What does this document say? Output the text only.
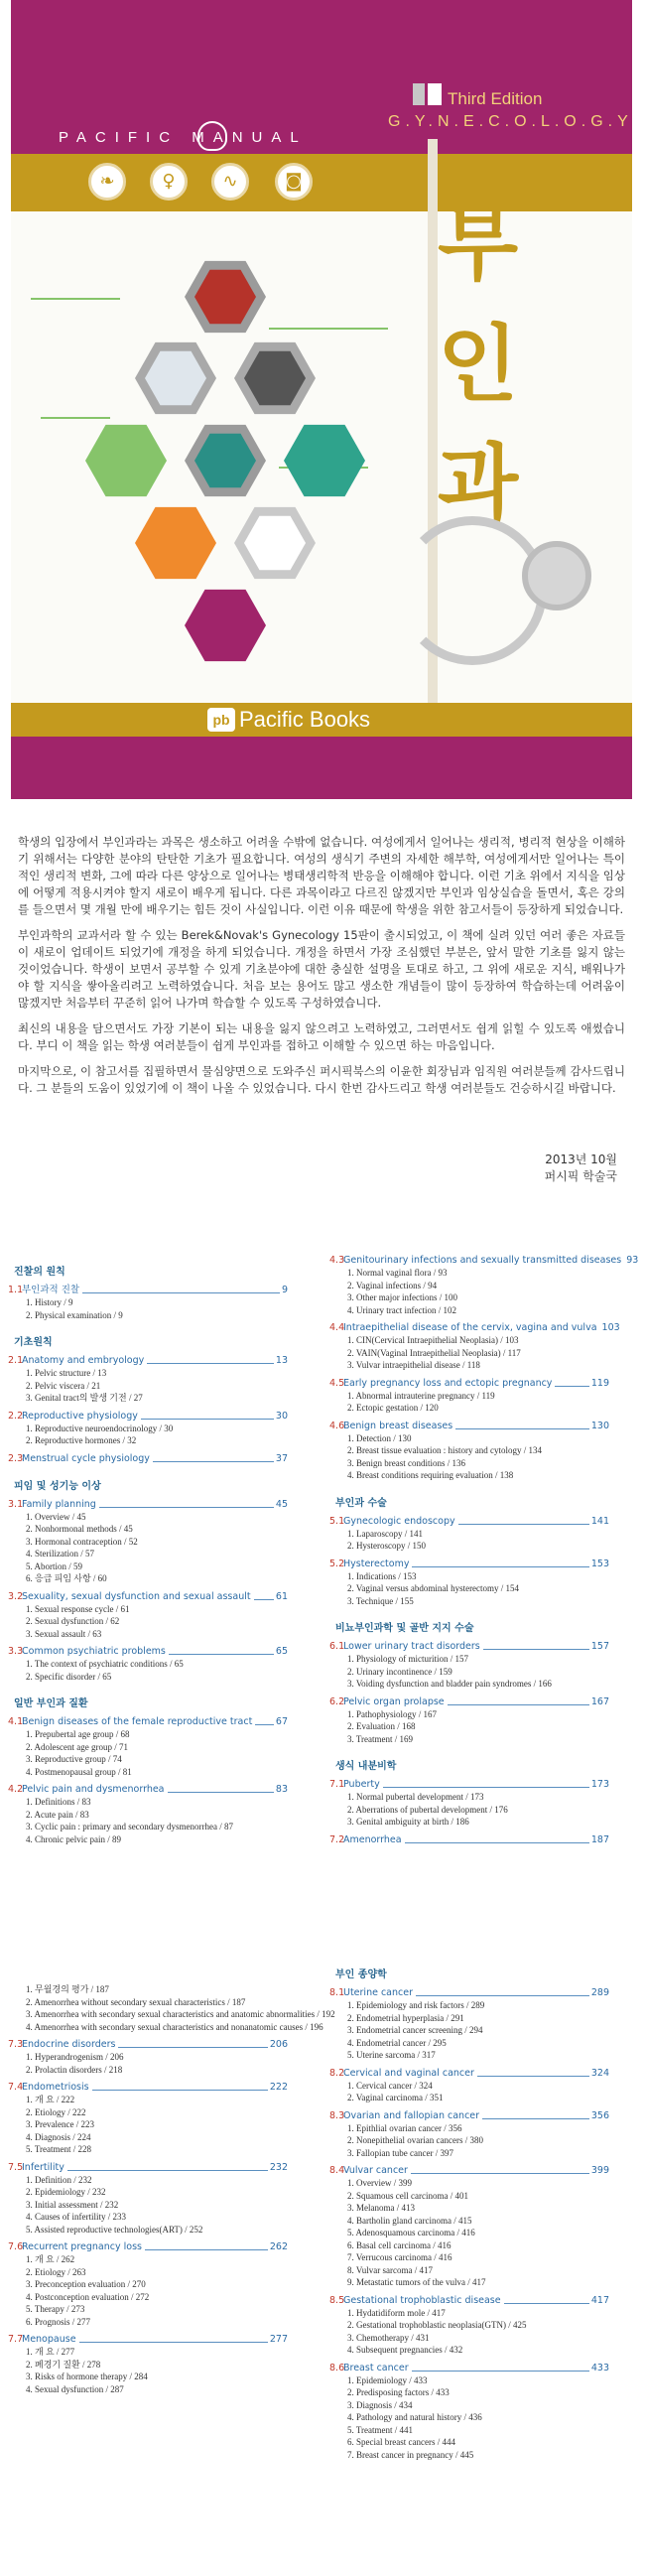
Third Edition
G.Y.N.E.C.O.L.O.G.Y
PACIFIC MANUAL
❧	♀	∿	◙
부
인
과
pb Pacific Books

학생의 입장에서 부인과라는 과목은 생소하고 어려울 수밖에 없습니다. 여성에게서 일어나는 생리적, 병리적 현상을 이해하기 위해서는 다양한 분야의 탄탄한 기초가 필요합니다. 여성의 생식기 주변의 자세한 해부학, 여성에게서만 일어나는 특이적인 생리적 변화, 그에 따라 다른 양상으로 일어나는 병태생리학적 반응을 이해해야 합니다. 이런 기초 위에서 지식을 임상에 어떻게 적용시켜야 할지 새로이 배우게 됩니다. 다른 과목이라고 다르진 않겠지만 부인과 임상실습을 돌면서, 혹은 강의를 들으면서 몇 개월 만에 배우기는 힘든 것이 사실입니다. 이런 이유 때문에 학생을 위한 참고서들이 등장하게 되었습니다.

부인과학의 교과서라 할 수 있는 Berek&Novak's Gynecology 15판이 출시되었고, 이 책에 실려 있던 여러 좋은 자료들이 새로이 업데이트 되었기에 개정을 하게 되었습니다. 개정을 하면서 가장 조심했던 부분은, 앞서 말한 기초를 잃지 않는 것이었습니다. 학생이 보면서 공부할 수 있게 기초분야에 대한 충실한 설명을 토대로 하고, 그 위에 새로운 지식, 배워나가야 할 지식을 쌓아올리려고 노력하였습니다. 처음 보는 용어도 많고 생소한 개념들이 많이 등장하여 학습하는데 어려움이 많겠지만 처음부터 꾸준히 읽어 나가며 학습할 수 있도록 구성하였습니다.

최신의 내용을 담으면서도 가장 기본이 되는 내용을 잃지 않으려고 노력하였고, 그러면서도 쉽게 읽힐 수 있도록 애썼습니다. 부디 이 책을 읽는 학생 여러분들이 쉽게 부인과를 접하고 이해할 수 있으면 하는 마음입니다.

마지막으로, 이 참고서를 집필하면서 물심양면으로 도와주신 퍼시픽북스의 이윤한 회장님과 임직원 여러분들께 감사드립니다. 그 분들의 도움이 있었기에 이 책이 나올 수 있었습니다. 다시 한번 감사드리고 학생 여러분들도 건승하시길 바랍니다.

2013년 10월
퍼시픽 학술국
진찰의 원칙
1.1
부인과적 진찰	9
1. History / 9
2. Physical examination / 9
기초원칙
2.1
Anatomy and embryology	13
1. Pelvic structure / 13
2. Pelvic viscera / 21
3. Genital tract의 발생 기전 / 27
2.2
Reproductive physiology	30
1. Reproductive neuroendocrinology / 30
2. Reproductive hormones / 32
2.3
Menstrual cycle physiology	37
피임 및 성기능 이상
3.1
Family planning	45
1. Overview / 45
2. Nonhormonal methods / 45
3. Hormonal contraception / 52
4. Sterilization / 57
5. Abortion / 59
6. 응급 피임 사항 / 60
3.2
Sexuality, sexual dysfunction and sexual assault	61
1. Sexual response cycle / 61
2. Sexual dysfunction / 62
3. Sexual assault / 63
3.3
Common psychiatric problems	65
1. The context of psychiatric conditions / 65
2. Specific disorder / 65
일반 부인과 질환
4.1
Benign diseases of the female reproductive tract 67
1. Prepubertal age group / 68
2. Adolescent age group / 71
3. Reproductive group / 74
4. Postmenopausal group / 81
4.2
Pelvic pain and dysmenorrhea	83
1. Definitions / 83
2. Acute pain / 83
3. Cyclic pain : primary and secondary dysmenorrhea / 87
4. Chronic pelvic pain / 89
4.3
Genitourinary infections and sexually transmitted diseases 93
1. Normal vaginal flora / 93
2. Vaginal infections / 94
3. Other major infections / 100
4. Urinary tract infection / 102
4.4
Intraepithelial disease of the cervix, vagina and vulva 103
1. CIN(Cervical Intraepithelial Neoplasia) / 103
2. VAIN(Vaginal Intraepithelial Neoplasia) / 117
3. Vulvar intraepithelial disease / 118
4.5
Early pregnancy loss and ectopic pregnancy	119
1. Abnormal intrauterine pregnancy / 119
2. Ectopic gestation / 120
4.6
Benign breast diseases	130
1. Detection / 130
2. Breast tissue evaluation : history and cytology / 134
3. Benign breast conditions / 136
4. Breast conditions requiring evaluation / 138
부인과 수술
5.1
Gynecologic endoscopy	141
1. Laparoscopy / 141
2. Hysteroscopy / 150
5.2
Hysterectomy	153
1. Indications / 153
2. Vaginal versus abdominal hysterectomy / 154
3. Technique / 155
비뇨부인과학 및 골반 지지 수술
6.1
Lower urinary tract disorders	157
1. Physiology of micturition / 157
2. Urinary incontinence / 159
3. Voiding dysfunction and bladder pain syndromes / 166
6.2
Pelvic organ prolapse	167
1. Pathophysiology / 167
2. Evaluation / 168
3. Treatment / 169
생식 내분비학
7.1
Puberty	173
1. Normal pubertal development / 173
2. Aberrations of pubertal development / 176
3. Genital ambiguity at birth / 186
7.2
Amenorrhea	187
1. 무월경의 평가 / 187
2. Amenorrhea without secondary sexual characteristics / 187
3. Amenorrhea with secondary sexual characteristics and anatomic abnormalities / 192
4. Amenorrhea with secondary sexual characteristics and nonanatomic causes / 196
7.3
Endocrine disorders	206
1. Hyperandrogenism / 206
2. Prolactin disorders / 218
7.4
Endometriosis	222
1. 개 요 / 222
2. Etiology / 222
3. Prevalence / 223
4. Diagnosis / 224
5. Treatment / 228
7.5
Infertility	232
1. Definition / 232
2. Epidemiology / 232
3. Initial assessment / 232
4. Causes of infertility / 233
5. Assisted reproductive technologies(ART) / 252
7.6
Recurrent pregnancy loss	262
1. 개 요 / 262
2. Etiology / 263
3. Preconception evaluation / 270
4. Postconception evaluation / 272
5. Therapy / 273
6. Prognosis / 277
7.7
Menopause	277
1. 개 요 / 277
2. 폐경기 질환 / 278
3. Risks of hormone therapy / 284
4. Sexual dysfunction / 287
부인 종양학
8.1
Uterine cancer	289
1. Epidemiology and risk factors / 289
2. Endometrial hyperplasia / 291
3. Endometrial cancer screening / 294
4. Endometrial cancer / 295
5. Uterine sarcoma / 317
8.2
Cervical and vaginal cancer	324
1. Cervical cancer / 324
2. Vaginal carcinoma / 351
8.3
Ovarian and fallopian cancer	356
1. Epithlial ovarian cancer / 356
2. Nonepithelial ovarian cancers / 380
3. Fallopian tube cancer / 397
8.4
Vulvar cancer	399
1. Overview / 399
2. Squamous cell carcinoma / 401
3. Melanoma / 413
4. Bartholin gland carcinoma / 415
5. Adenosquamous carcinoma / 416
6. Basal cell carcinoma / 416
7. Verrucous carcinoma / 416
8. Vulvar sarcoma / 417
9. Metastatic tumors of the vulva / 417
8.5
Gestational trophoblastic disease	417
1. Hydatidiform mole / 417
2. Gestational trophoblastic neoplasia(GTN) / 425
3. Chemotherapy / 431
4. Subsequent pregnancies / 432
8.6
Breast cancer	433
1. Epidemiology / 433
2. Predisposing factors / 433
3. Diagnosis / 434
4. Pathology and natural history / 436
5. Treatment / 441
6. Special breast cancers / 444
7. Breast cancer in pregnancy / 445
